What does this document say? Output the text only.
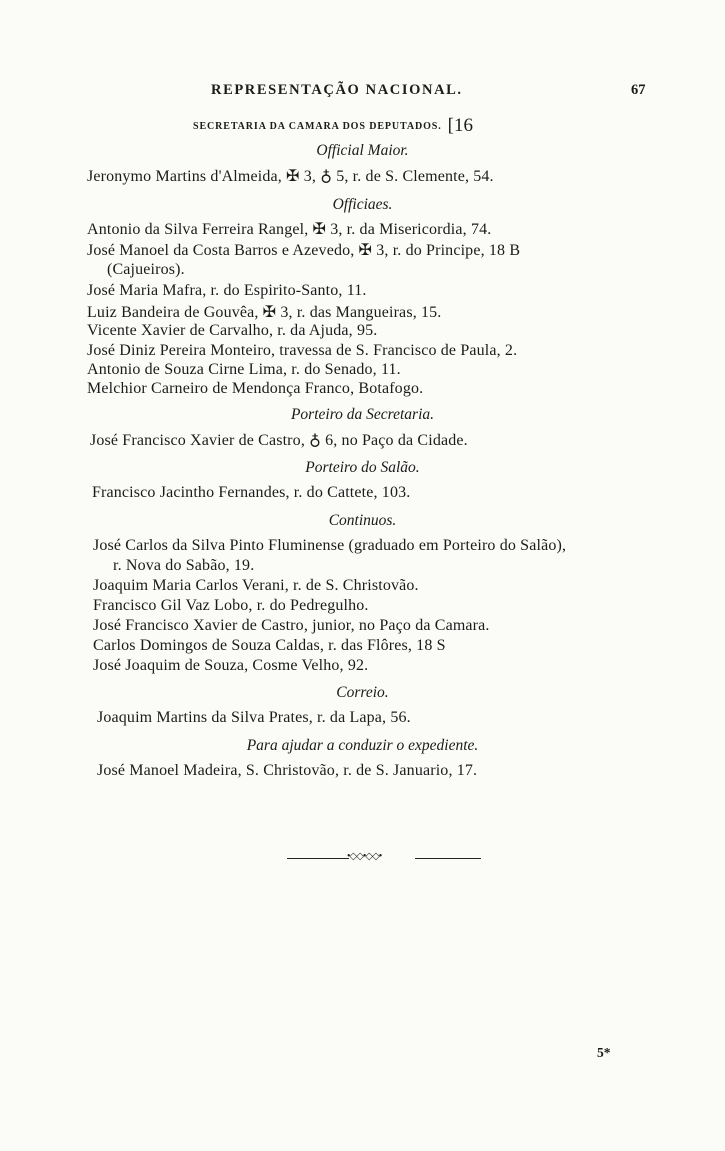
REPRESENTAÇÃO NACIONAL.	67
SECRETARIA DA CAMARA DOS DEPUTADOS. [16
Official Maior.
Jeronymo Martins d'Almeida, ✠ 3, ♁ 5, r. de S. Clemente, 54.
Officiaes.
Antonio da Silva Ferreira Rangel, ✠ 3, r. da Misericordia, 74.
José Manoel da Costa Barros e Azevedo, ✠ 3, r. do Principe, 18 B
(Cajueiros).
José Maria Mafra, r. do Espirito-Santo, 11.
Luiz Bandeira de Gouvêa, ✠ 3, r. das Mangueiras, 15.
Vicente Xavier de Carvalho, r. da Ajuda, 95.
José Diniz Pereira Monteiro, travessa de S. Francisco de Paula, 2.
Antonio de Souza Cirne Lima, r. do Senado, 11.
Melchior Carneiro de Mendonça Franco, Botafogo.
Porteiro da Secretaria.
José Francisco Xavier de Castro, ♁ 6, no Paço da Cidade.
Porteiro do Salão.
Francisco Jacintho Fernandes, r. do Cattete, 103.
Continuos.
José Carlos da Silva Pinto Fluminense (graduado em Porteiro do Salão),
r. Nova do Sabão, 19.
Joaquim Maria Carlos Verani, r. de S. Christovão.
Francisco Gil Vaz Lobo, r. do Pedregulho.
José Francisco Xavier de Castro, junior, no Paço da Camara.
Carlos Domingos de Souza Caldas, r. das Flôres, 18 S
José Joaquim de Souza, Cosme Velho, 92.
Correio.
Joaquim Martins da Silva Prates, r. da Lapa, 56.
Para ajudar a conduzir o expediente.
José Manoel Madeira, S. Christovão, r. de S. Januario, 17.
•◇◇•◇◇•
5*
